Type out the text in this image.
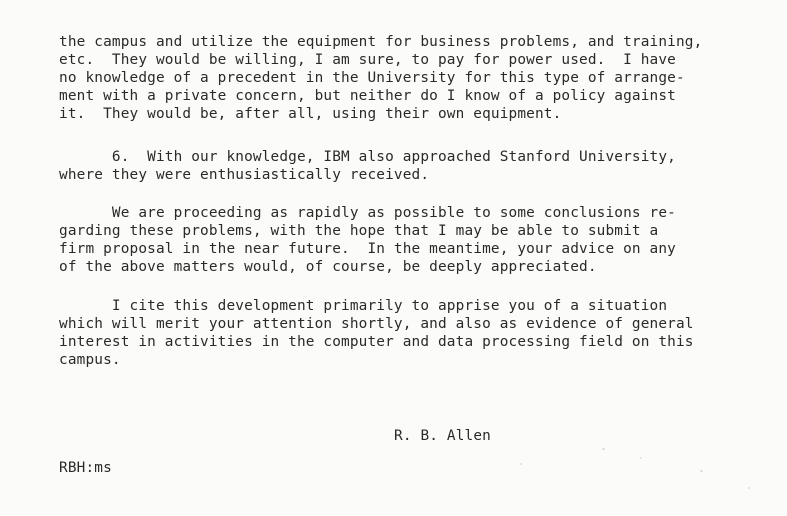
the campus and utilize the equipment for business problems, and training,
etc.  They would be willing, I am sure, to pay for power used.  I have
no knowledge of a precedent in the University for this type of arrange-
ment with a private concern, but neither do I know of a policy against
it.  They would be, after all, using their own equipment.
6.  With our knowledge, IBM also approached Stanford University,
where they were enthusiastically received.
We are proceeding as rapidly as possible to some conclusions re-
garding these problems, with the hope that I may be able to submit a
firm proposal in the near future.  In the meantime, your advice on any
of the above matters would, of course, be deeply appreciated.
I cite this development primarily to apprise you of a situation
which will merit your attention shortly, and also as evidence of general
interest in activities in the computer and data processing field on this
campus.
R. B. Allen
RBH:ms
